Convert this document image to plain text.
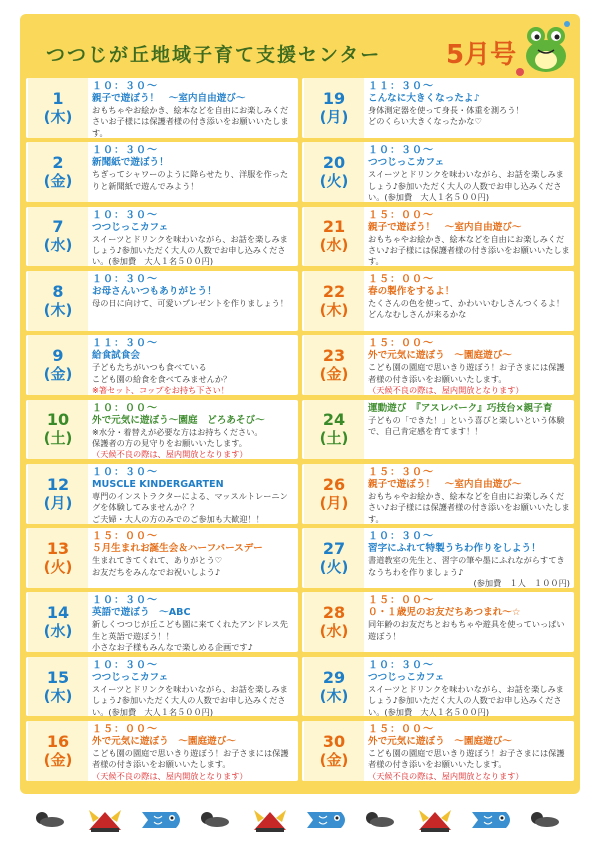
つつじが丘地域子育て支援センター 5月号
1
(木)
１０：３０～
親子で遊ぼう！　～室内自由遊び～
おもちゃやお絵かき、絵本などを自由にお楽しみくださいお子様には保護者様の付き添いをお願いいたします。
2
(金)
１０：３０～
新聞紙で遊ぼう！
ちぎってシャワーのように降らせたり、洋服を作ったりと新聞紙で遊んでみよう！
7
(水)
１０：３０～
つつじっこカフェ
スイーツとドリンクを味わいながら、お話を楽しみましょう♪参加いただく大人の人数でお申し込みください。(参加費　大人１名５００円)
8
(木)
１０：３０～
お母さんいつもありがとう！
母の日に向けて、可愛いプレゼントを作りましょう！
9
(金)
１１：３０～
給食試食会
子どもたちがいつも食べている
こども園の給食を食べてみませんか？
※箸セット、コップをお持ち下さい！
10
(土)
１０：００～
外で元気に遊ぼう～園庭　どろあそび～
※水分・着替えが必要な方はお持ちください。
保護者の方の見守りをお願いいたします。
（天候不良の際は、屋内開放となります）
12
(月)
１０：３０～
MUSCLE KINDERGARTEN
専門のインストラクターによる、マッスルトレーニングを体験してみませんか？？
ご夫婦・大人の方のみでのご参加も大歓迎！！
13
(火)
１５：００～
５月生まれお誕生会＆ハーフバースデー
生まれてきてくれて、ありがとう♡
お友だちをみんなでお祝いしよう♪
14
(水)
１０：３０～
英語で遊ぼう　～ABC
新しくつつじが丘こども園に来てくれたアンドレス先生と英語で遊ぼう！！
小さなお子様もみんなで楽しめる企画です♪
15
(木)
１０：３０～
つつじっこカフェ
スイーツとドリンクを味わいながら、お話を楽しみましょう♪参加いただく大人の人数でお申し込みください。(参加費　大人１名５００円)
16
(金)
１５：００～
外で元気に遊ぼう　～園庭遊び～
こども園の園庭で思いきり遊ぼう！お子さまには保護者様の付き添いをお願いいたします。
（天候不良の際は、屋内開放となります）
19
(月)
１１：３０～
こんなに大きくなったよ♪
身体測定器を使って身長・体重を測ろう！
どのくらい大きくなったかな♡
20
(火)
１０：３０～
つつじっこカフェ
スイーツとドリンクを味わいながら、お話を楽しみましょう♪参加いただく大人の人数でお申し込みください。(参加費　大人１名５００円)
21
(水)
１５：００～
親子で遊ぼう！　～室内自由遊び～
おもちゃやお絵かき、絵本などを自由にお楽しみください♪お子様には保護者様の付き添いをお願いいたします。
22
(木)
１５：００～
春の製作をするよ！
たくさんの色を使って、かわいいむしさんつくるよ！どんなむしさんが来るかな
23
(金)
１５：００～
外で元気に遊ぼう　～園庭遊び～
こども園の園庭で思いきり遊ぼう！お子さまには保護者様の付き添いをお願いいたします。
（天候不良の際は、屋内開放となります）
24
(土)
運動遊び　『アスレパーク』巧技台×親子育
子どもの「できた！」という喜びと楽しいという体験で、自己肯定感を育てます！！
26
(月)
１５：３０～
親子で遊ぼう！　～室内自由遊び～
おもちゃやお絵かき、絵本などを自由にお楽しみください♪お子様には保護者様の付き添いをお願いいたします。
27
(火)
１０：３０～
習字にふれて特製うちわ作りをしよう！
書道教室の先生と、習字の筆や墨にふれながらすてきなうちわを作りましょう♪
(参加費　１人　１００円)
28
(水)
１５：００～
０・１歳児のお友だちあつまれ～☆
同年齢のお友だちとおもちゃや遊具を使っていっぱい遊ぼう！
29
(木)
１０：３０～
つつじっこカフェ
スイーツとドリンクを味わいながら、お話を楽しみましょう♪参加いただく大人の人数でお申し込みください。(参加費　大人１名５００円)
30
(金)
１５：００～
外で元気に遊ぼう　～園庭遊び～
こども園の園庭で思いきり遊ぼう！お子さまには保護者様の付き添いをお願いいたします。
（天候不良の際は、屋内開放となります）
